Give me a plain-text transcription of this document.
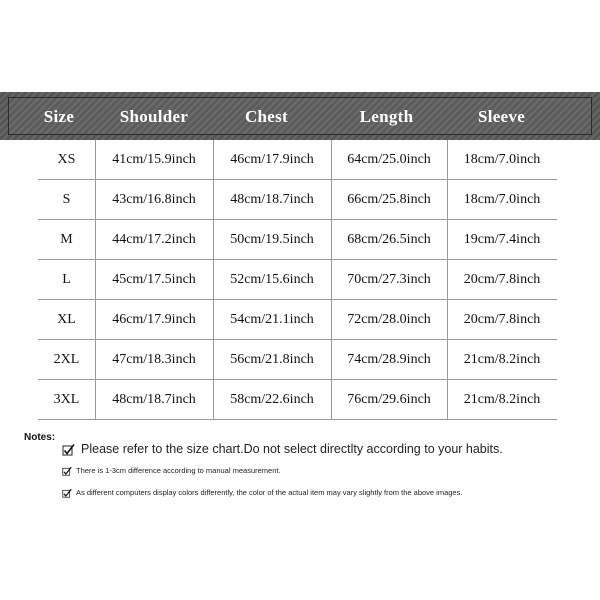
Size	Shoulder	Chest	Length	Sleeve
XS	41cm/15.9inch	46cm/17.9inch	64cm/25.0inch	18cm/7.0inch
S	43cm/16.8inch	48cm/18.7inch	66cm/25.8inch	18cm/7.0inch
M	44cm/17.2inch	50cm/19.5inch	68cm/26.5inch	19cm/7.4inch
L	45cm/17.5inch	52cm/15.6inch	70cm/27.3inch	20cm/7.8inch
XL	46cm/17.9inch	54cm/21.1inch	72cm/28.0inch	20cm/7.8inch
2XL	47cm/18.3inch	56cm/21.8inch	74cm/28.9inch	21cm/8.2inch
3XL	48cm/18.7inch	58cm/22.6inch	76cm/29.6inch	21cm/8.2inch
Notes:
Please refer to the size chart.Do not select directlty according to your habits.
There is 1-3cm difference according to manual measurement.
As different computers display colors differently, the color of the actual item may vary slightly from the above images.
